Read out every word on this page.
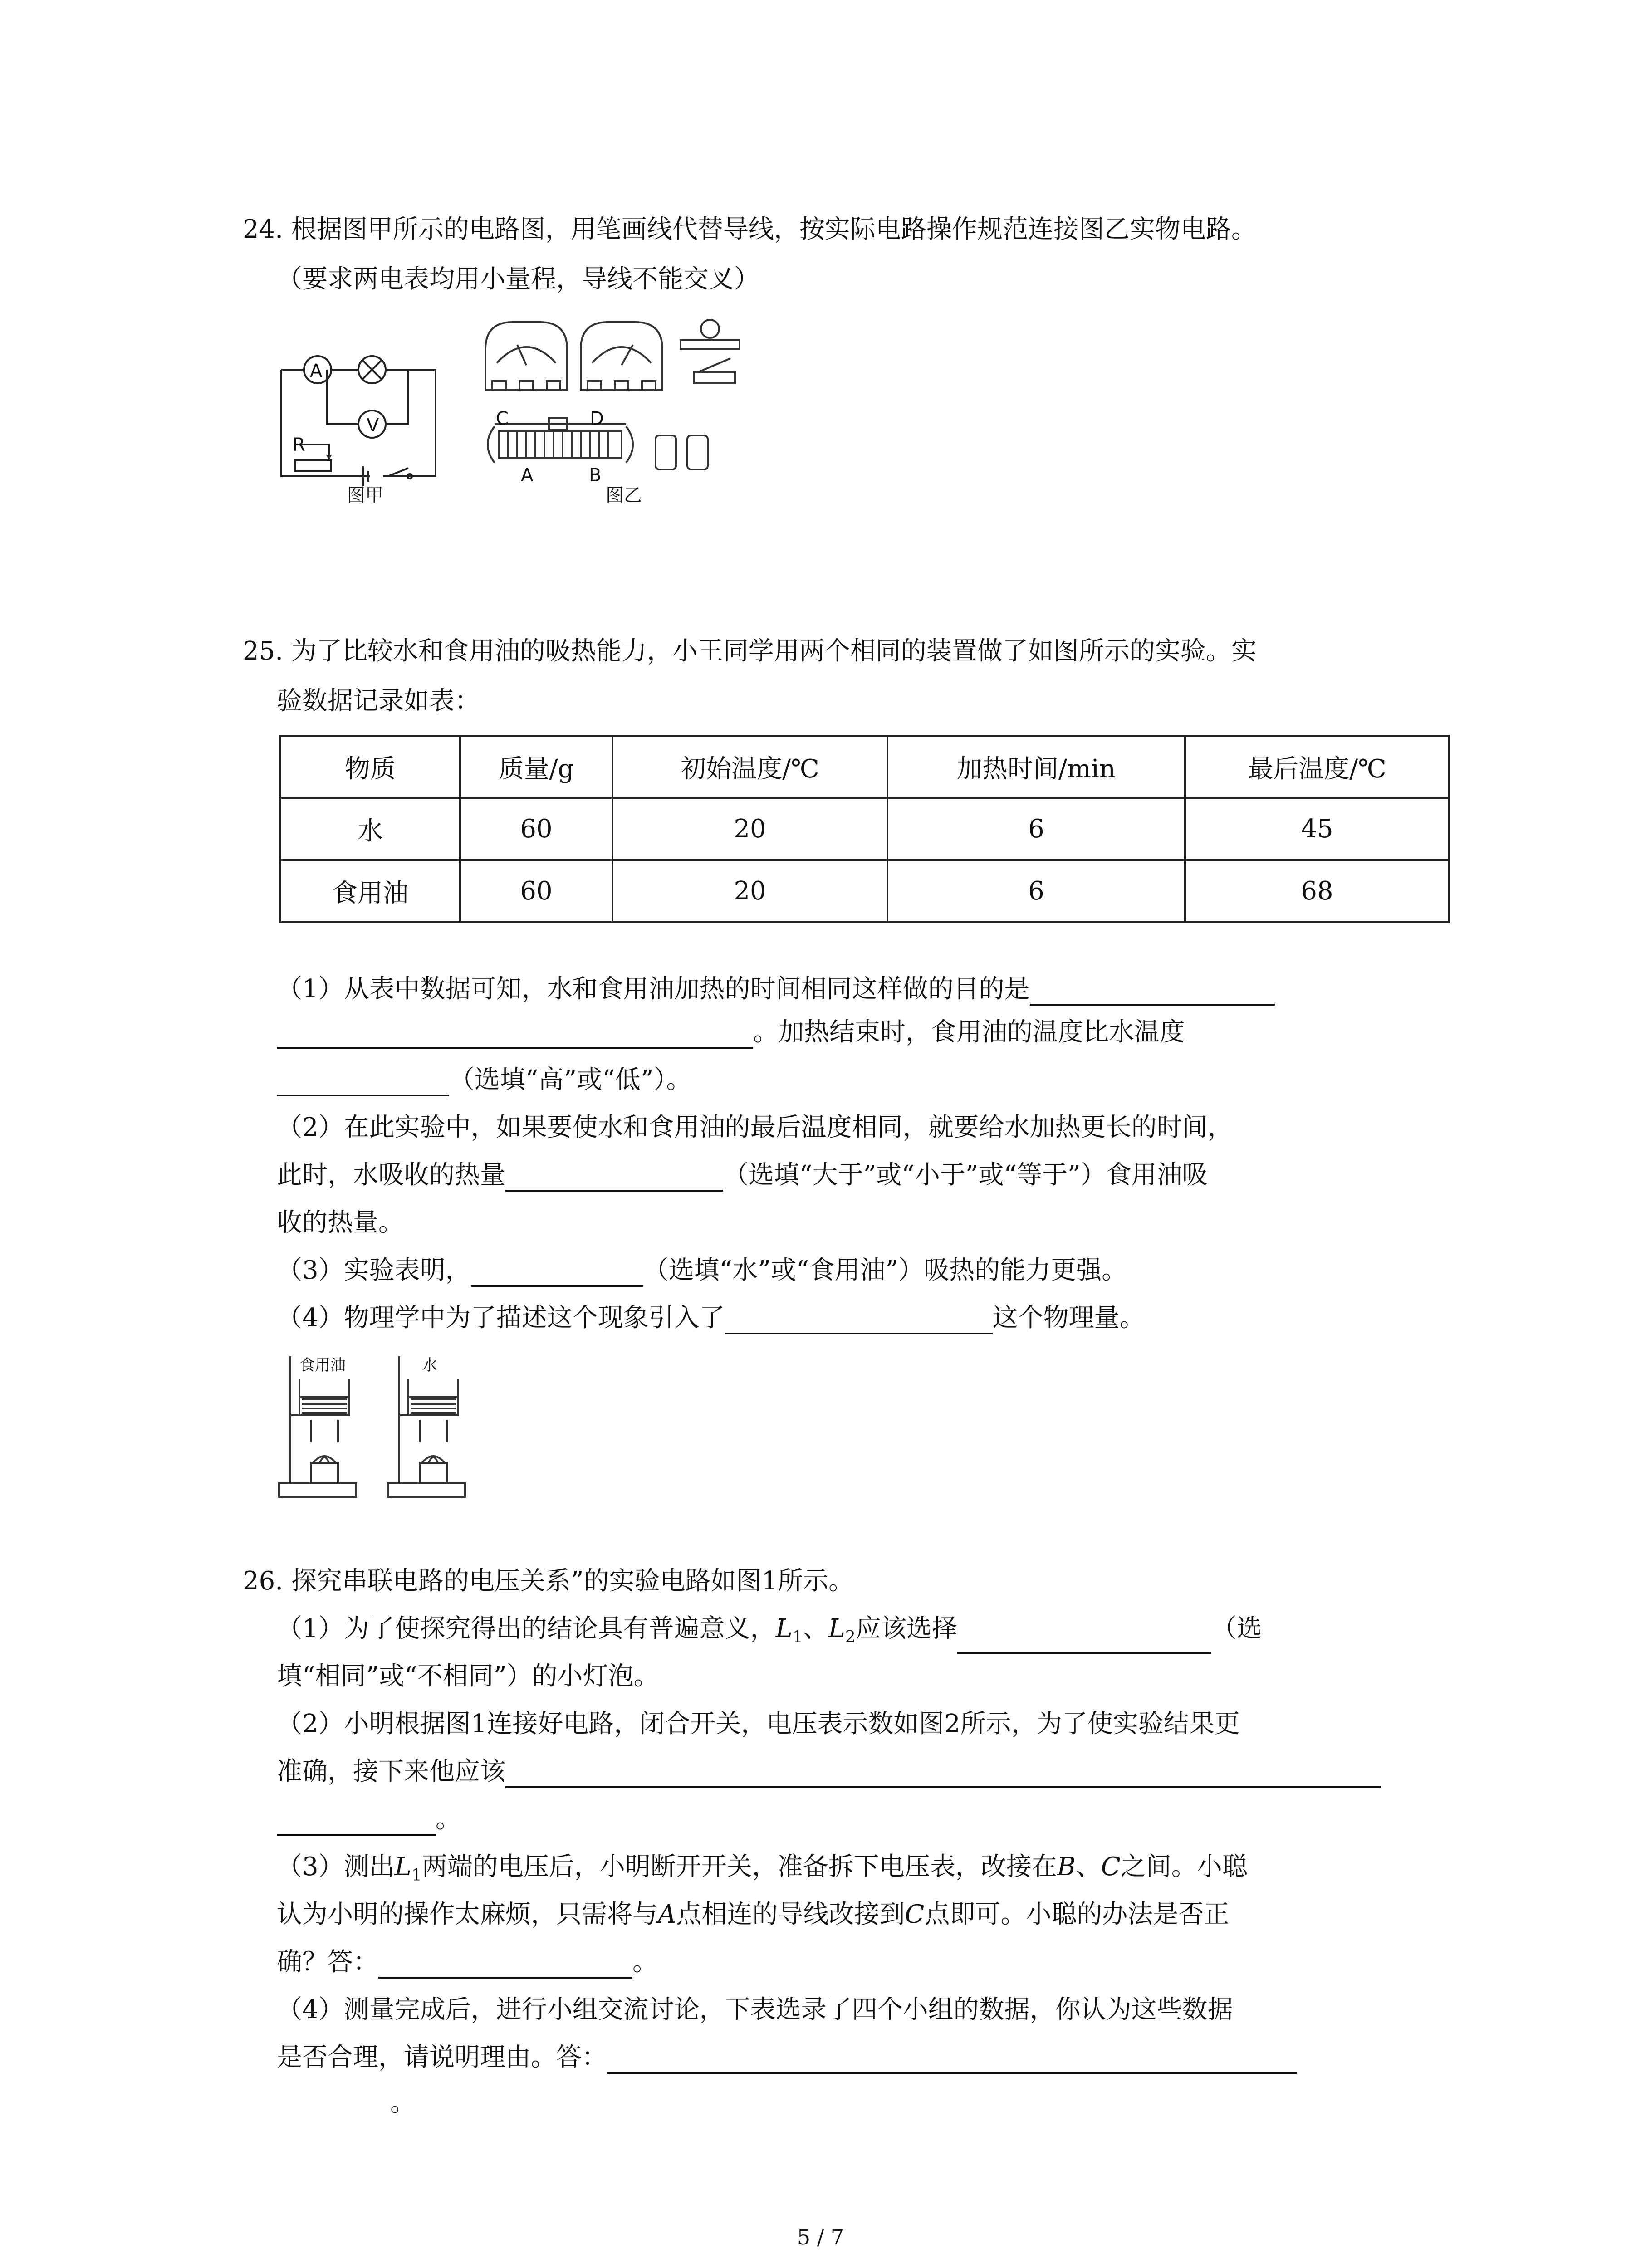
24. 根据图甲所示的电路图，用笔画线代替导线，按实际电路操作规范连接图乙实物电路。
（要求两电表均用小量程，导线不能交叉）
A
V
R
图甲
C	D
A	B
图乙
25. 为了比较水和食用油的吸热能力，小王同学用两个相同的装置做了如图所示的实验。实
验数据记录如表：
物质	质量/g	初始温度/℃	加热时间/min	最后温度/℃
水	60	20	6	45
食用油	60	20	6	68
（1）从表中数据可知，水和食用油加热的时间相同这样做的目的是
。加热结束时，食用油的温度比水温度
（选填“高”或“低”）。
（2）在此实验中，如果要使水和食用油的最后温度相同，就要给水加热更长的时间，
此时，水吸收的热量	（选填“大于”或“小于”或“等于”）食用油吸
收的热量。
（3）实验表明，	（选填“水”或“食用油”）吸热的能力更强。
（4）物理学中为了描述这个现象引入了	这个物理量。
食用油	水
26. 探究串联电路的电压关系”的实验电路如图1所示。
（1）为了使探究得出的结论具有普遍意义，$L_1$、$L_2$应该选择	（选
填“相同”或“不相同”）的小灯泡。
（2）小明根据图1连接好电路，闭合开关，电压表示数如图2所示，为了使实验结果更
准确，接下来他应该
。
（3）测出$L_1$两端的电压后，小明断开开关，准备拆下电压表，改接在B、C之间。小聪
认为小明的操作太麻烦，只需将与A点相连的导线改接到C点即可。小聪的办法是否正
确？答：	。
（4）测量完成后，进行小组交流讨论，下表选录了四个小组的数据，你认为这些数据
是否合理，请说明理由。答：
。
5 / 7
